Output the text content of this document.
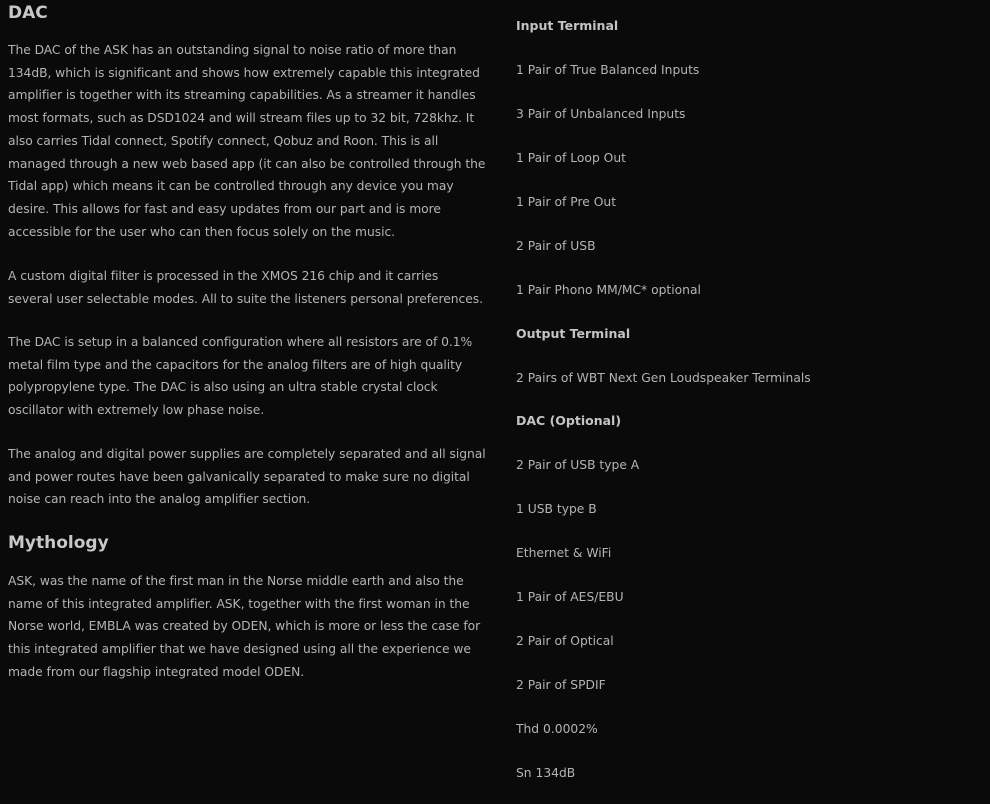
DAC

The DAC of the ASK has an outstanding signal to noise ratio of more than 134dB, which is significant and shows how extremely capable this integrated amplifier is together with its streaming capabilities. As a streamer it handles most formats, such as DSD1024 and will stream files up to 32 bit, 728khz. It also carries Tidal connect, Spotify connect, Qobuz and Roon. This is all managed through a new web based app (it can also be controlled through the Tidal app) which means it can be controlled through any device you may desire. This allows for fast and easy updates from our part and is more accessible for the user who can then focus solely on the music.

A custom digital filter is processed in the XMOS 216 chip and it carries several user selectable modes. All to suite the listeners personal preferences.

The DAC is setup in a balanced configuration where all resistors are of 0.1% metal film type and the capacitors for the analog filters are of high quality polypropylene type. The DAC is also using an ultra stable crystal clock oscillator with extremely low phase noise.

The analog and digital power supplies are completely separated and all signal and power routes have been galvanically separated to make sure no digital noise can reach into the analog amplifier section.

Mythology

ASK, was the name of the first man in the Norse middle earth and also the name of this integrated amplifier. ASK, together with the first woman in the Norse world, EMBLA was created by ODEN, which is more or less the case for this integrated amplifier that we have designed using all the experience we made from our flagship integrated model ODEN.

Input Terminal

1 Pair of True Balanced Inputs

3 Pair of Unbalanced Inputs

1 Pair of Loop Out

1 Pair of Pre Out

2 Pair of USB

1 Pair Phono MM/MC* optional

Output Terminal

2 Pairs of WBT Next Gen Loudspeaker Terminals

DAC (Optional)

2 Pair of USB type A

1 USB type B

Ethernet & WiFi

1 Pair of AES/EBU

2 Pair of Optical

2 Pair of SPDIF

Thd 0.0002%

Sn 134dB
